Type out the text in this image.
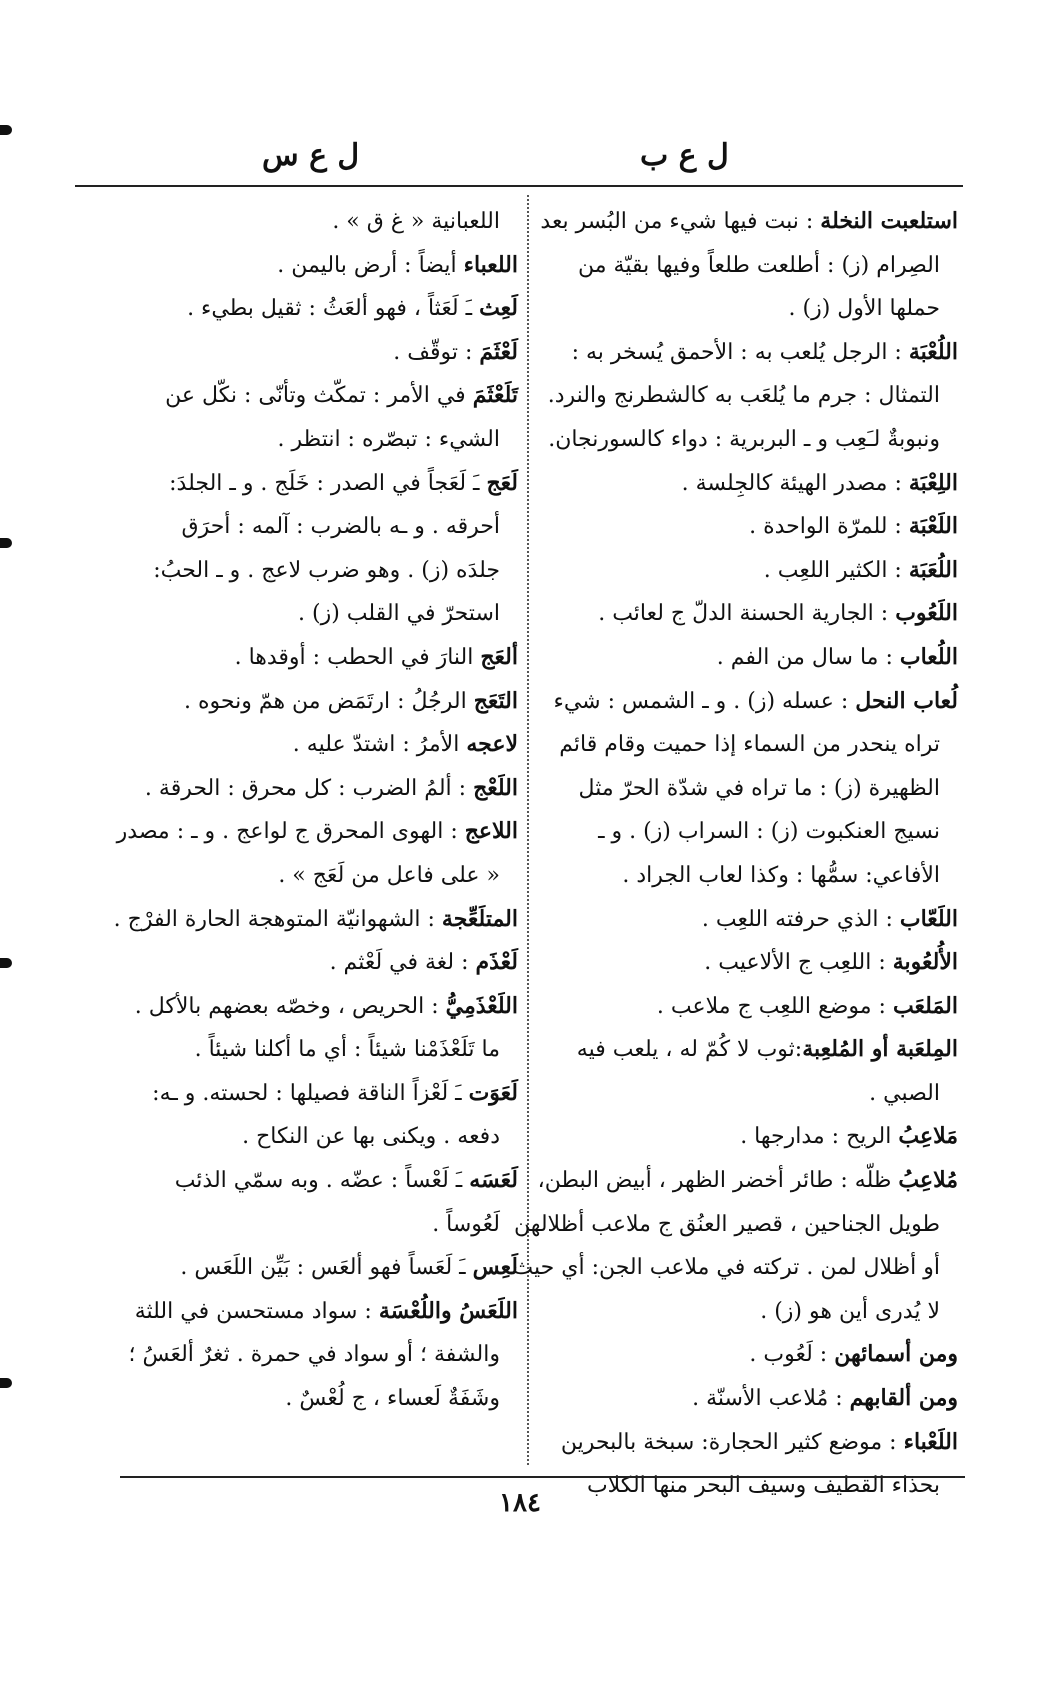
ل ع ب
ل ع س
استلعبت النخلة : نبت فيها شيء من البُسر بعد
الصِرام (ز) : أطلعت طلعاً وفيها بقيّة من
حملها الأول (ز) .
اللُعْبَة : الرجل يُلعب به : الأحمق يُسخر به :
التمثال : جرم ما يُلعَب به كالشطرنج والنرد.
ونبوبةٌ لـَعِب و ـ البربرية : دواء كالسورنجان.
اللِعْبَة : مصدر الهيئة كالجِلسة .
اللَعْبَة : للمرّة الواحدة .
اللُعَبَة : الكثير اللعِب .
اللَعُوب : الجارية الحسنة الدلّ ج لعائب .
اللُعاب : ما سال من الفم .
لُعاب النحل : عسله (ز) . و ـ الشمس : شيء
تراه ينحدر من السماء إذا حميت وقام قائم
الظهيرة (ز) : ما تراه في شدّة الحرّ مثل
نسيج العنكبوت (ز) : السراب (ز) . و ـ
الأفاعي: سمُّها : وكذا لعاب الجراد .
اللَعّاب : الذي حرفته اللعِب .
الأُلعُوبة : اللعِب ج الألاعيب .
المَلعَب : موضع اللعِب ج ملاعب .
المِلعَبة أو المُلعِبة:ثوب لا كُمّ له ، يلعب فيه
الصبي .
مَلاعِبُ الريح : مدارجها .
مُلاعِبُ ظلّه : طائر أخضر الظهر ، أبيض البطن،
طويل الجناحين ، قصير العنُق ج ملاعب أظلالهن
أو أظلال لمن . تركته في ملاعب الجن: أي حيث
لا يُدرى أين هو (ز) .
ومن أسمائهن : لَعُوب .
ومن ألقابهم : مُلاعب الأسنّة .
اللَعْباء : موضع كثير الحجارة: سبخة بالبحرين
بحذاء القطيف وسيف البحر منها الكلاب
اللعبانية « غ ق » .
اللعباء أيضاً : أرض باليمن .
لَعِث ـَ لَعَثاً ، فهو ألعَثُ : ثقيل بطيء .
لَعْثَمَ : توقّف .
تَلَعْثَمَ في الأمر : تمكّث وتأنّى : نكّل عن
الشيء : تبصّره : انتظر .
لَعَج ـَ لَعَجاً في الصدر : خَلَج . و ـ الجلدَ:
أحرقه . و ـه بالضرب : آلمه : أحرَق
جلدَه (ز) . وهو ضرب لاعج . و ـ الحبُ:
استحرّ في القلب (ز) .
ألعَج النارَ في الحطب : أوقدها .
التَعَج الرجُلُ : ارتَمَض من همّ ونحوه .
لاعجه الأمرُ : اشتدّ عليه .
اللَعْج : ألمُ الضرب : كل محرق : الحرقة .
اللاعج : الهوى المحرق ج لواعج . و ـ : مصدر
« على فاعل من لَعَج » .
المتلَعِّجة : الشهوانيّة المتوهجة الحارة الفرْج .
لَعْذَم : لغة في لَعْثم .
اللَعْذَمِيُّ : الحريص ، وخصّه بعضهم بالأكل .
ما تَلَعْذَمْنا شيئاً : أي ما أكلنا شيئاً .
لَعَوَت ـَ لَعْزاً الناقة فصيلها : لحسته. و ـه:
دفعه . ويكنى بها عن النكاح .
لَعَسَه ـَ لَعْساً : عضّه . وبه سمّي الذئب
لَعُوساً .
لَعِس ـَ لَعَساً فهو ألعَس : بَيِّن اللَعَس .
اللَعَسُ واللُعْسَة : سواد مستحسن في اللثة
والشفة ؛ أو سواد في حمرة . ثغرٌ ألعَسُ ؛
وشَفَةٌ لَعساء ، ج لُعْسٌ .
١٨٤
